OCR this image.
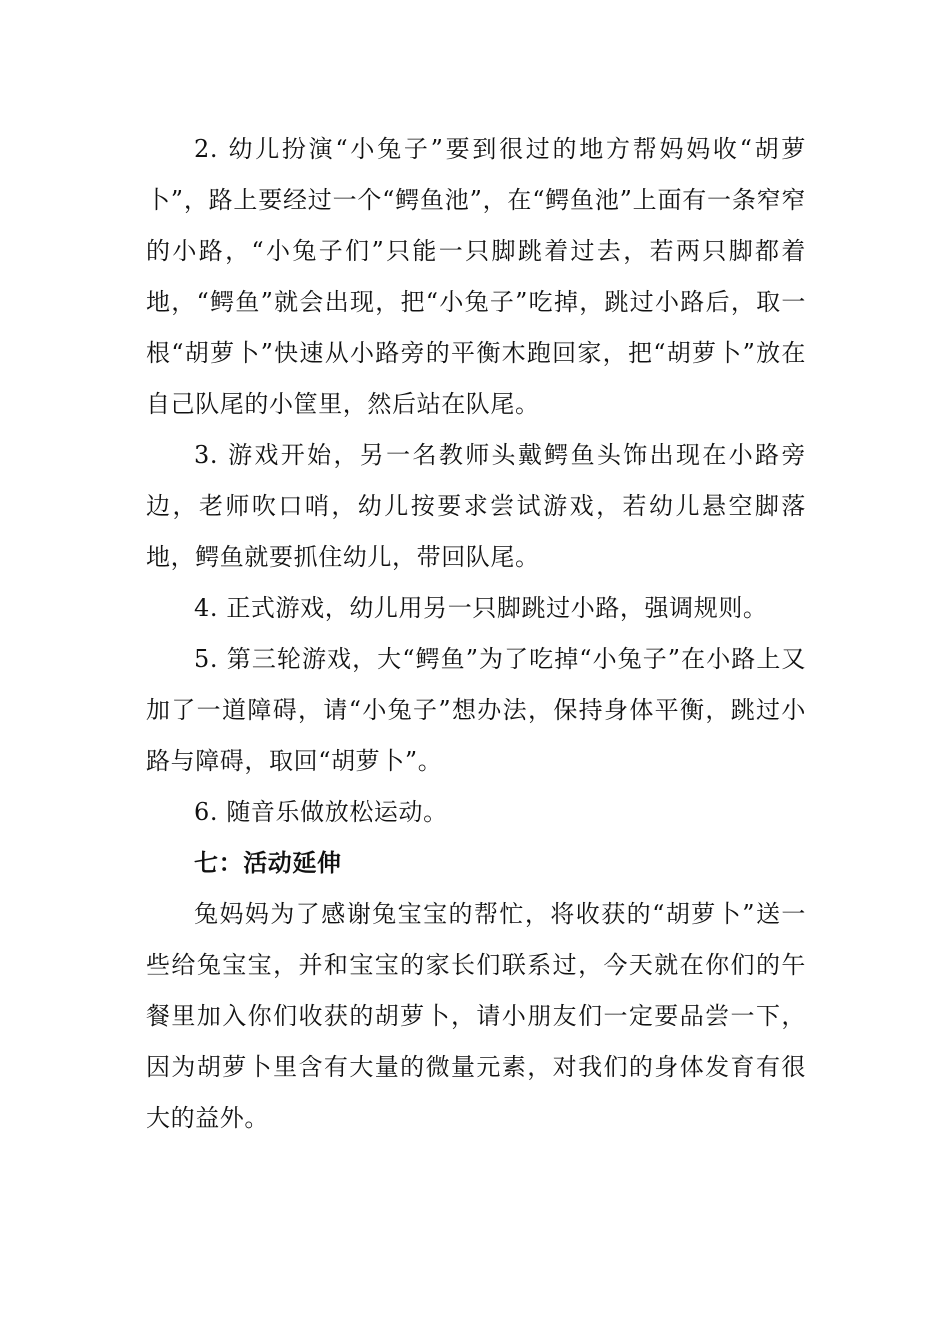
2. 幼儿扮演“小兔子”要到很过的地方帮妈妈收“胡萝卜”，路上要经过一个“鳄鱼池”，在“鳄鱼池”上面有一条窄窄的小路，“小兔子们”只能一只脚跳着过去，若两只脚都着地，“鳄鱼”就会出现，把“小兔子”吃掉，跳过小路后，取一根“胡萝卜”快速从小路旁的平衡木跑回家，把“胡萝卜”放在自己队尾的小筐里，然后站在队尾。

3. 游戏开始，另一名教师头戴鳄鱼头饰出现在小路旁边，老师吹口哨，幼儿按要求尝试游戏，若幼儿悬空脚落地，鳄鱼就要抓住幼儿，带回队尾。

4. 正式游戏，幼儿用另一只脚跳过小路，强调规则。

5. 第三轮游戏，大“鳄鱼”为了吃掉“小兔子”在小路上又加了一道障碍，请“小兔子”想办法，保持身体平衡，跳过小路与障碍，取回“胡萝卜”。

6. 随音乐做放松运动。

七：活动延伸

兔妈妈为了感谢兔宝宝的帮忙，将收获的“胡萝卜”送一些给兔宝宝，并和宝宝的家长们联系过，今天就在你们的午餐里加入你们收获的胡萝卜，请小朋友们一定要品尝一下，因为胡萝卜里含有大量的微量元素，对我们的身体发育有很大的益外。
